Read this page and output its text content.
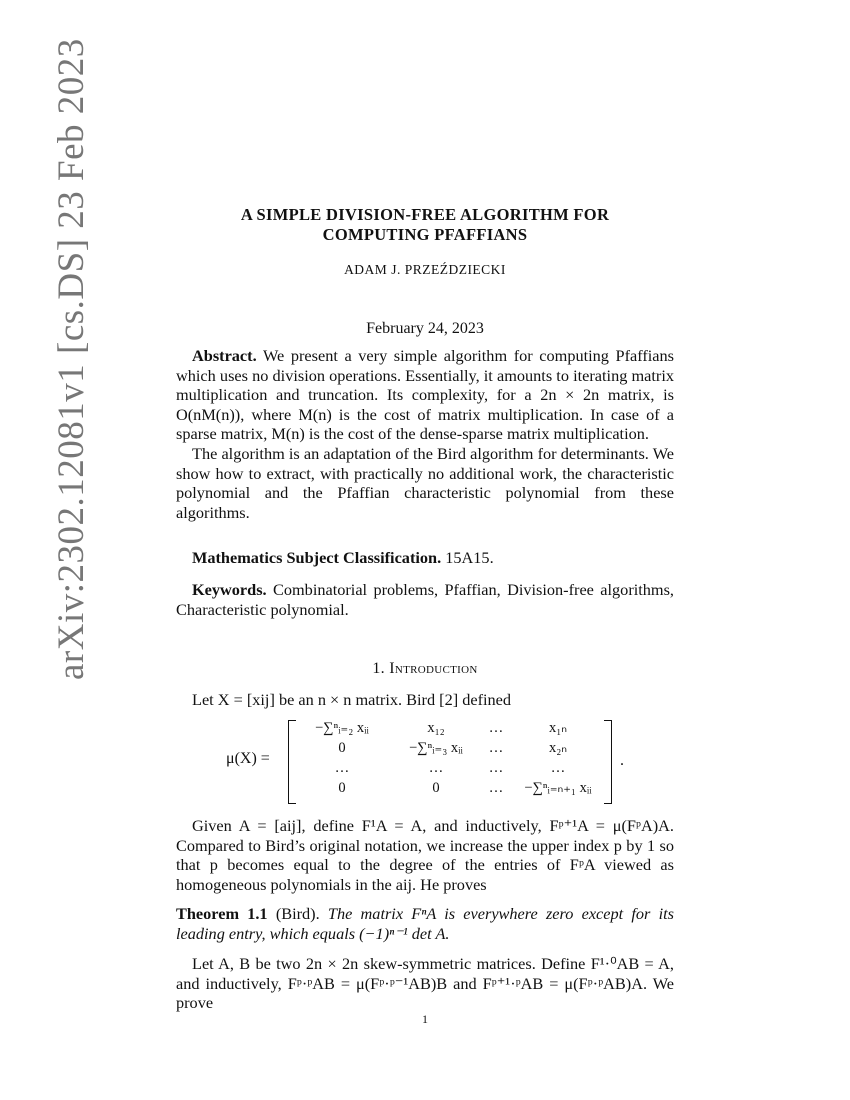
arXiv:2302.12081v1 [cs.DS] 23 Feb 2023	A SIMPLE DIVISION-FREE ALGORITHM FOR
COMPUTING PFAFFIANS
ADAM J. PRZEŹDZIECKI
February 24, 2023

Abstract. We present a very simple algorithm for computing Pfaffians which uses no division operations. Essentially, it amounts to iterating matrix multiplication and truncation. Its complexity, for a 2n × 2n matrix, is O(nM(n)), where M(n) is the cost of matrix multiplication. In case of a sparse matrix, M(n) is the cost of the dense-sparse matrix multiplication.

The algorithm is an adaptation of the Bird algorithm for determinants. We show how to extract, with practically no additional work, the characteristic polynomial and the Pfaffian characteristic polynomial from these algorithms.

Mathematics Subject Classification. 15A15.

Keywords. Combinatorial problems, Pfaffian, Division-free algorithms, Characteristic polynomial.

1. Introduction

Let X = [xij] be an n × n matrix. Bird [2] defined

μ(X) =
−∑ⁿᵢ₌₂ xᵢᵢ	x₁₂	…	x₁ₙ
0	−∑ⁿᵢ₌₃ xᵢᵢ	…	x₂ₙ
…	…	…	…
0	0	…	−∑ⁿᵢ₌ₙ₊₁ xᵢᵢ
.

Given A = [aij], define F¹A = A, and inductively, Fᵖ⁺¹A = μ(FᵖA)A. Compared to Bird’s original notation, we increase the upper index p by 1 so that p becomes equal to the degree of the entries of FᵖA viewed as homogeneous polynomials in the aij. He proves

Theorem 1.1 (Bird). The matrix FⁿA is everywhere zero except for its leading entry, which equals (−1)ⁿ⁻¹ det A.

Let A, B be two 2n × 2n skew-symmetric matrices. Define F¹·⁰AB = A, and inductively, Fᵖ·ᵖAB = μ(Fᵖ·ᵖ⁻¹AB)B and Fᵖ⁺¹·ᵖAB = μ(Fᵖ·ᵖAB)A. We prove

1
